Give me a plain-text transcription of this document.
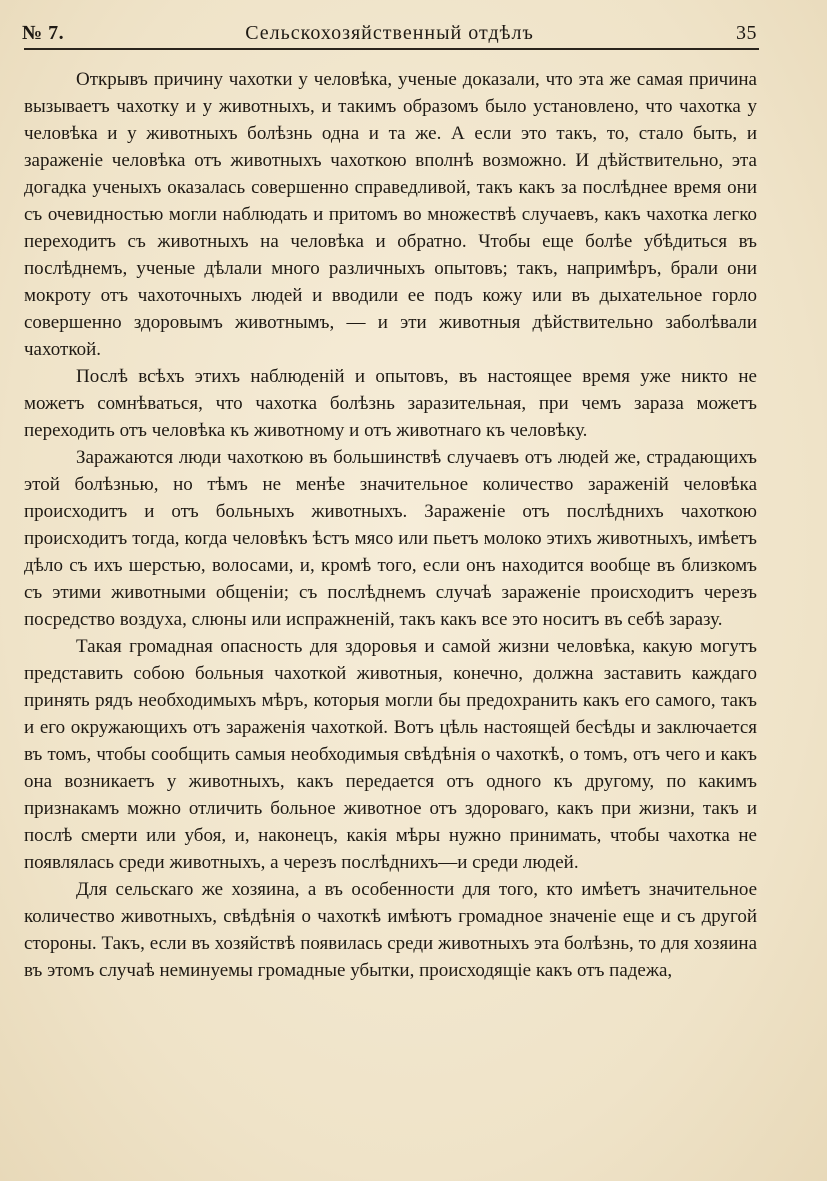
№ 7.	Сельскохозяйственный отдѣлъ	35

Открывъ причину чахотки у человѣка, ученые доказали, что эта же самая причина вызываетъ чахотку и у животныхъ, и такимъ образомъ было установлено, что чахотка у человѣка и у животныхъ болѣзнь одна и та же. А если это такъ, то, стало быть, и зараженіе человѣка отъ животныхъ чахоткою вполнѣ возможно. И дѣйствительно, эта догадка ученыхъ оказалась совершенно справедливой, такъ какъ за послѣднее время они съ очевидностью могли наблюдать и притомъ во множествѣ случаевъ, какъ чахотка легко переходитъ съ животныхъ на человѣка и обратно. Чтобы еще болѣе убѣдиться въ послѣднемъ, ученые дѣлали много различныхъ опытовъ; такъ, напримѣръ, брали они мокроту отъ чахоточныхъ людей и вводили ее подъ кожу или въ дыхательное горло совершенно здоровымъ животнымъ, — и эти животныя дѣйствительно заболѣвали чахоткой.

Послѣ всѣхъ этихъ наблюденій и опытовъ, въ настоящее время уже никто не можетъ сомнѣваться, что чахотка болѣзнь заразительная, при чемъ зараза можетъ переходить отъ человѣка къ животному и отъ животнаго къ человѣку.

Заражаются люди чахоткою въ большинствѣ случаевъ отъ людей же, страдающихъ этой болѣзнью, но тѣмъ не менѣе значительное количество зараженій человѣка происходитъ и отъ больныхъ животныхъ. Зараженіе отъ послѣднихъ чахоткою происходитъ тогда, когда человѣкъ ѣстъ мясо или пьетъ молоко этихъ животныхъ, имѣетъ дѣло съ ихъ шерстью, волосами, и, кромѣ того, если онъ находится вообще въ близкомъ съ этими животными общеніи; съ послѣднемъ случаѣ зараженіе происходитъ черезъ посредство воздуха, слюны или испражненій, такъ какъ все это носитъ въ себѣ заразу.

Такая громадная опасность для здоровья и самой жизни человѣка, какую могутъ представить собою больныя чахоткой животныя, конечно, должна заставить каждаго принять рядъ необходимыхъ мѣръ, которыя могли бы предохранить какъ его самого, такъ и его окружающихъ отъ зараженія чахоткой. Вотъ цѣль настоящей бесѣды и заключается въ томъ, чтобы сообщить самыя необходимыя свѣдѣнія о чахоткѣ, о томъ, отъ чего и какъ она возникаетъ у животныхъ, какъ передается отъ одного къ другому, по какимъ признакамъ можно отличить больное животное отъ здороваго, какъ при жизни, такъ и послѣ смерти или убоя, и, наконецъ, какія мѣры нужно принимать, чтобы чахотка не появлялась среди животныхъ, а черезъ послѣднихъ—и среди людей.

Для сельскаго же хозяина, а въ особенности для того, кто имѣетъ значительное количество животныхъ, свѣдѣнія о чахоткѣ имѣютъ громадное значеніе еще и съ другой стороны. Такъ, если въ хозяйствѣ появилась среди животныхъ эта болѣзнь, то для хозяина въ этомъ случаѣ неминуемы громадные убытки, происходящіе какъ отъ падежа,
